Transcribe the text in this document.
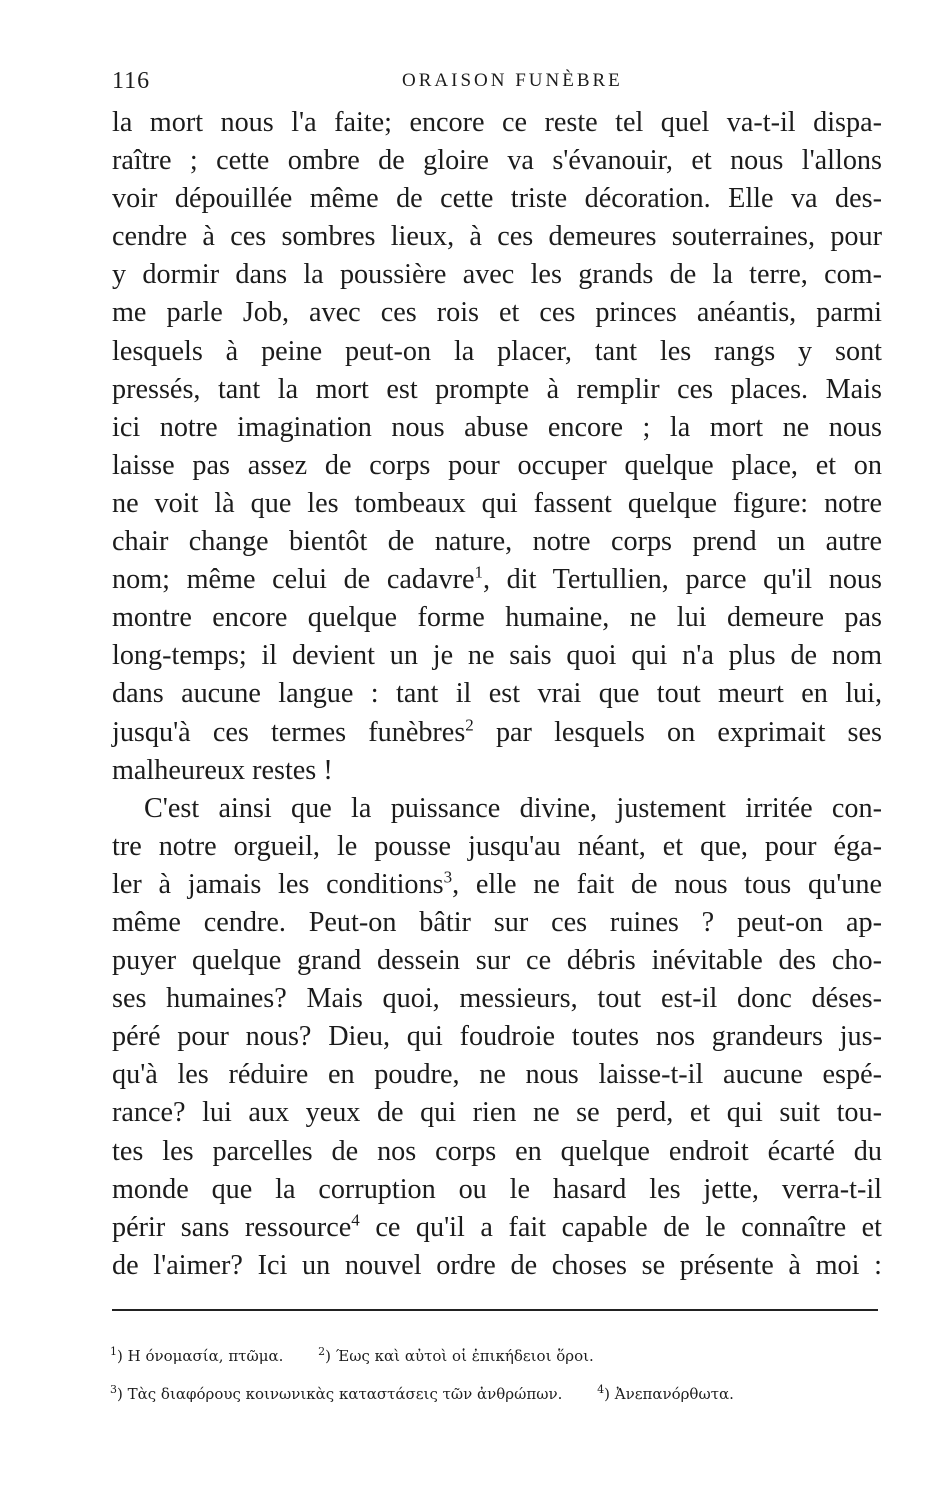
116	ORAISON FUNÈBRE
la mort nous l'a faite; encore ce reste tel quel va-t-il dispa-
raître ; cette ombre de gloire va s'évanouir, et nous l'allons
voir dépouillée même de cette triste décoration. Elle va des-
cendre à ces sombres lieux, à ces demeures souterraines, pour
y dormir dans la poussière avec les grands de la terre, com-
me parle Job, avec ces rois et ces princes anéantis, parmi
lesquels à peine peut-on la placer, tant les rangs y sont
pressés, tant la mort est prompte à remplir ces places. Mais
ici notre imagination nous abuse encore ; la mort ne nous
laisse pas assez de corps pour occuper quelque place, et on
ne voit là que les tombeaux qui fassent quelque figure: notre
chair change bientôt de nature, notre corps prend un autre
nom; même celui de cadavre$^1$, dit Tertullien, parce qu'il nous
montre encore quelque forme humaine, ne lui demeure pas
long-temps; il devient un je ne sais quoi qui n'a plus de nom
dans aucune langue : tant il est vrai que tout meurt en lui,
jusqu'à ces termes funèbres$^2$ par lesquels on exprimait ses
malheureux restes !
C'est ainsi que la puissance divine, justement irritée con-
tre notre orgueil, le pousse jusqu'au néant, et que, pour éga-
ler à jamais les conditions$^3$, elle ne fait de nous tous qu'une
même cendre. Peut-on bâtir sur ces ruines ? peut-on ap-
puyer quelque grand dessein sur ce débris inévitable des cho-
ses humaines? Mais quoi, messieurs, tout est-il donc déses-
péré pour nous? Dieu, qui foudroie toutes nos grandeurs jus-
qu'à les réduire en poudre, ne nous laisse-t-il aucune espé-
rance? lui aux yeux de qui rien ne se perd, et qui suit tou-
tes les parcelles de nos corps en quelque endroit écarté du
monde que la corruption ou le hasard les jette, verra-t-il
périr sans ressource$^4$ ce qu'il a fait capable de le connaître et
de l'aimer? Ici un nouvel ordre de choses se présente à moi :
$^1$) Η όνομασία, πτῶμα.	$^2$) Έως καὶ αὐτοὶ οἱ ἐπικήδειοι ὅροι.
$^3$) Τὰς διαφόρους κοινωνικὰς καταστάσεις τῶν ἀνθρώπων.	$^4$) Ἀνεπανόρθωτα.
